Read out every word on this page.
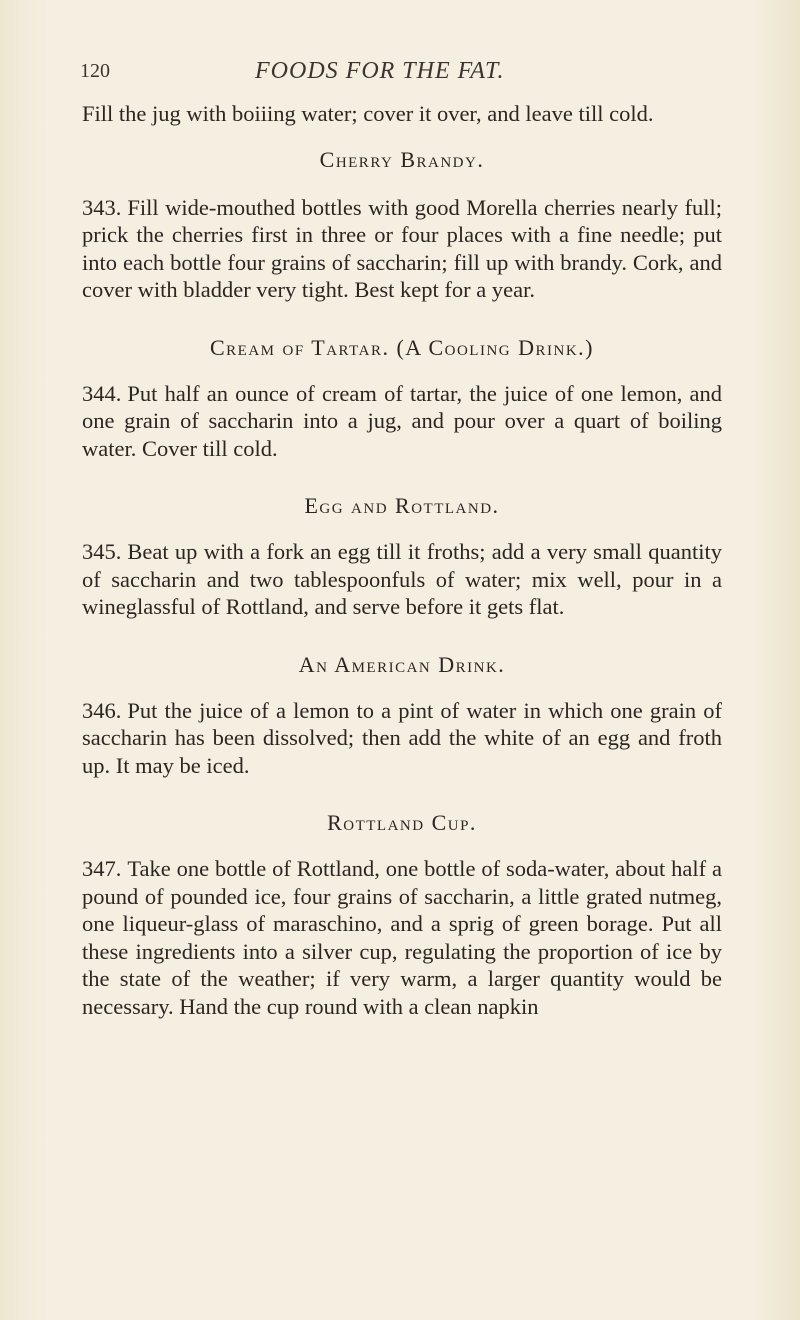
120	FOODS FOR THE FAT.

Fill the jug with boiiing water; cover it over, and leave till cold.

Cherry Brandy.

343. Fill wide-mouthed bottles with good Morella cherries nearly full; prick the cherries first in three or four places with a fine needle; put into each bottle four grains of saccharin; fill up with brandy. Cork, and cover with bladder very tight. Best kept for a year.

Cream of Tartar. (A Cooling Drink.)

344. Put half an ounce of cream of tartar, the juice of one lemon, and one grain of saccharin into a jug, and pour over a quart of boiling water. Cover till cold.

Egg and Rottland.

345. Beat up with a fork an egg till it froths; add a very small quantity of saccharin and two tablespoonfuls of water; mix well, pour in a wineglassful of Rottland, and serve before it gets flat.

An American Drink.

346. Put the juice of a lemon to a pint of water in which one grain of saccharin has been dissolved; then add the white of an egg and froth up. It may be iced.

Rottland Cup.

347. Take one bottle of Rottland, one bottle of soda-water, about half a pound of pounded ice, four grains of saccharin, a little grated nutmeg, one liqueur-glass of maraschino, and a sprig of green borage. Put all these ingredients into a silver cup, regulating the proportion of ice by the state of the weather; if very warm, a larger quantity would be necessary. Hand the cup round with a clean napkin
